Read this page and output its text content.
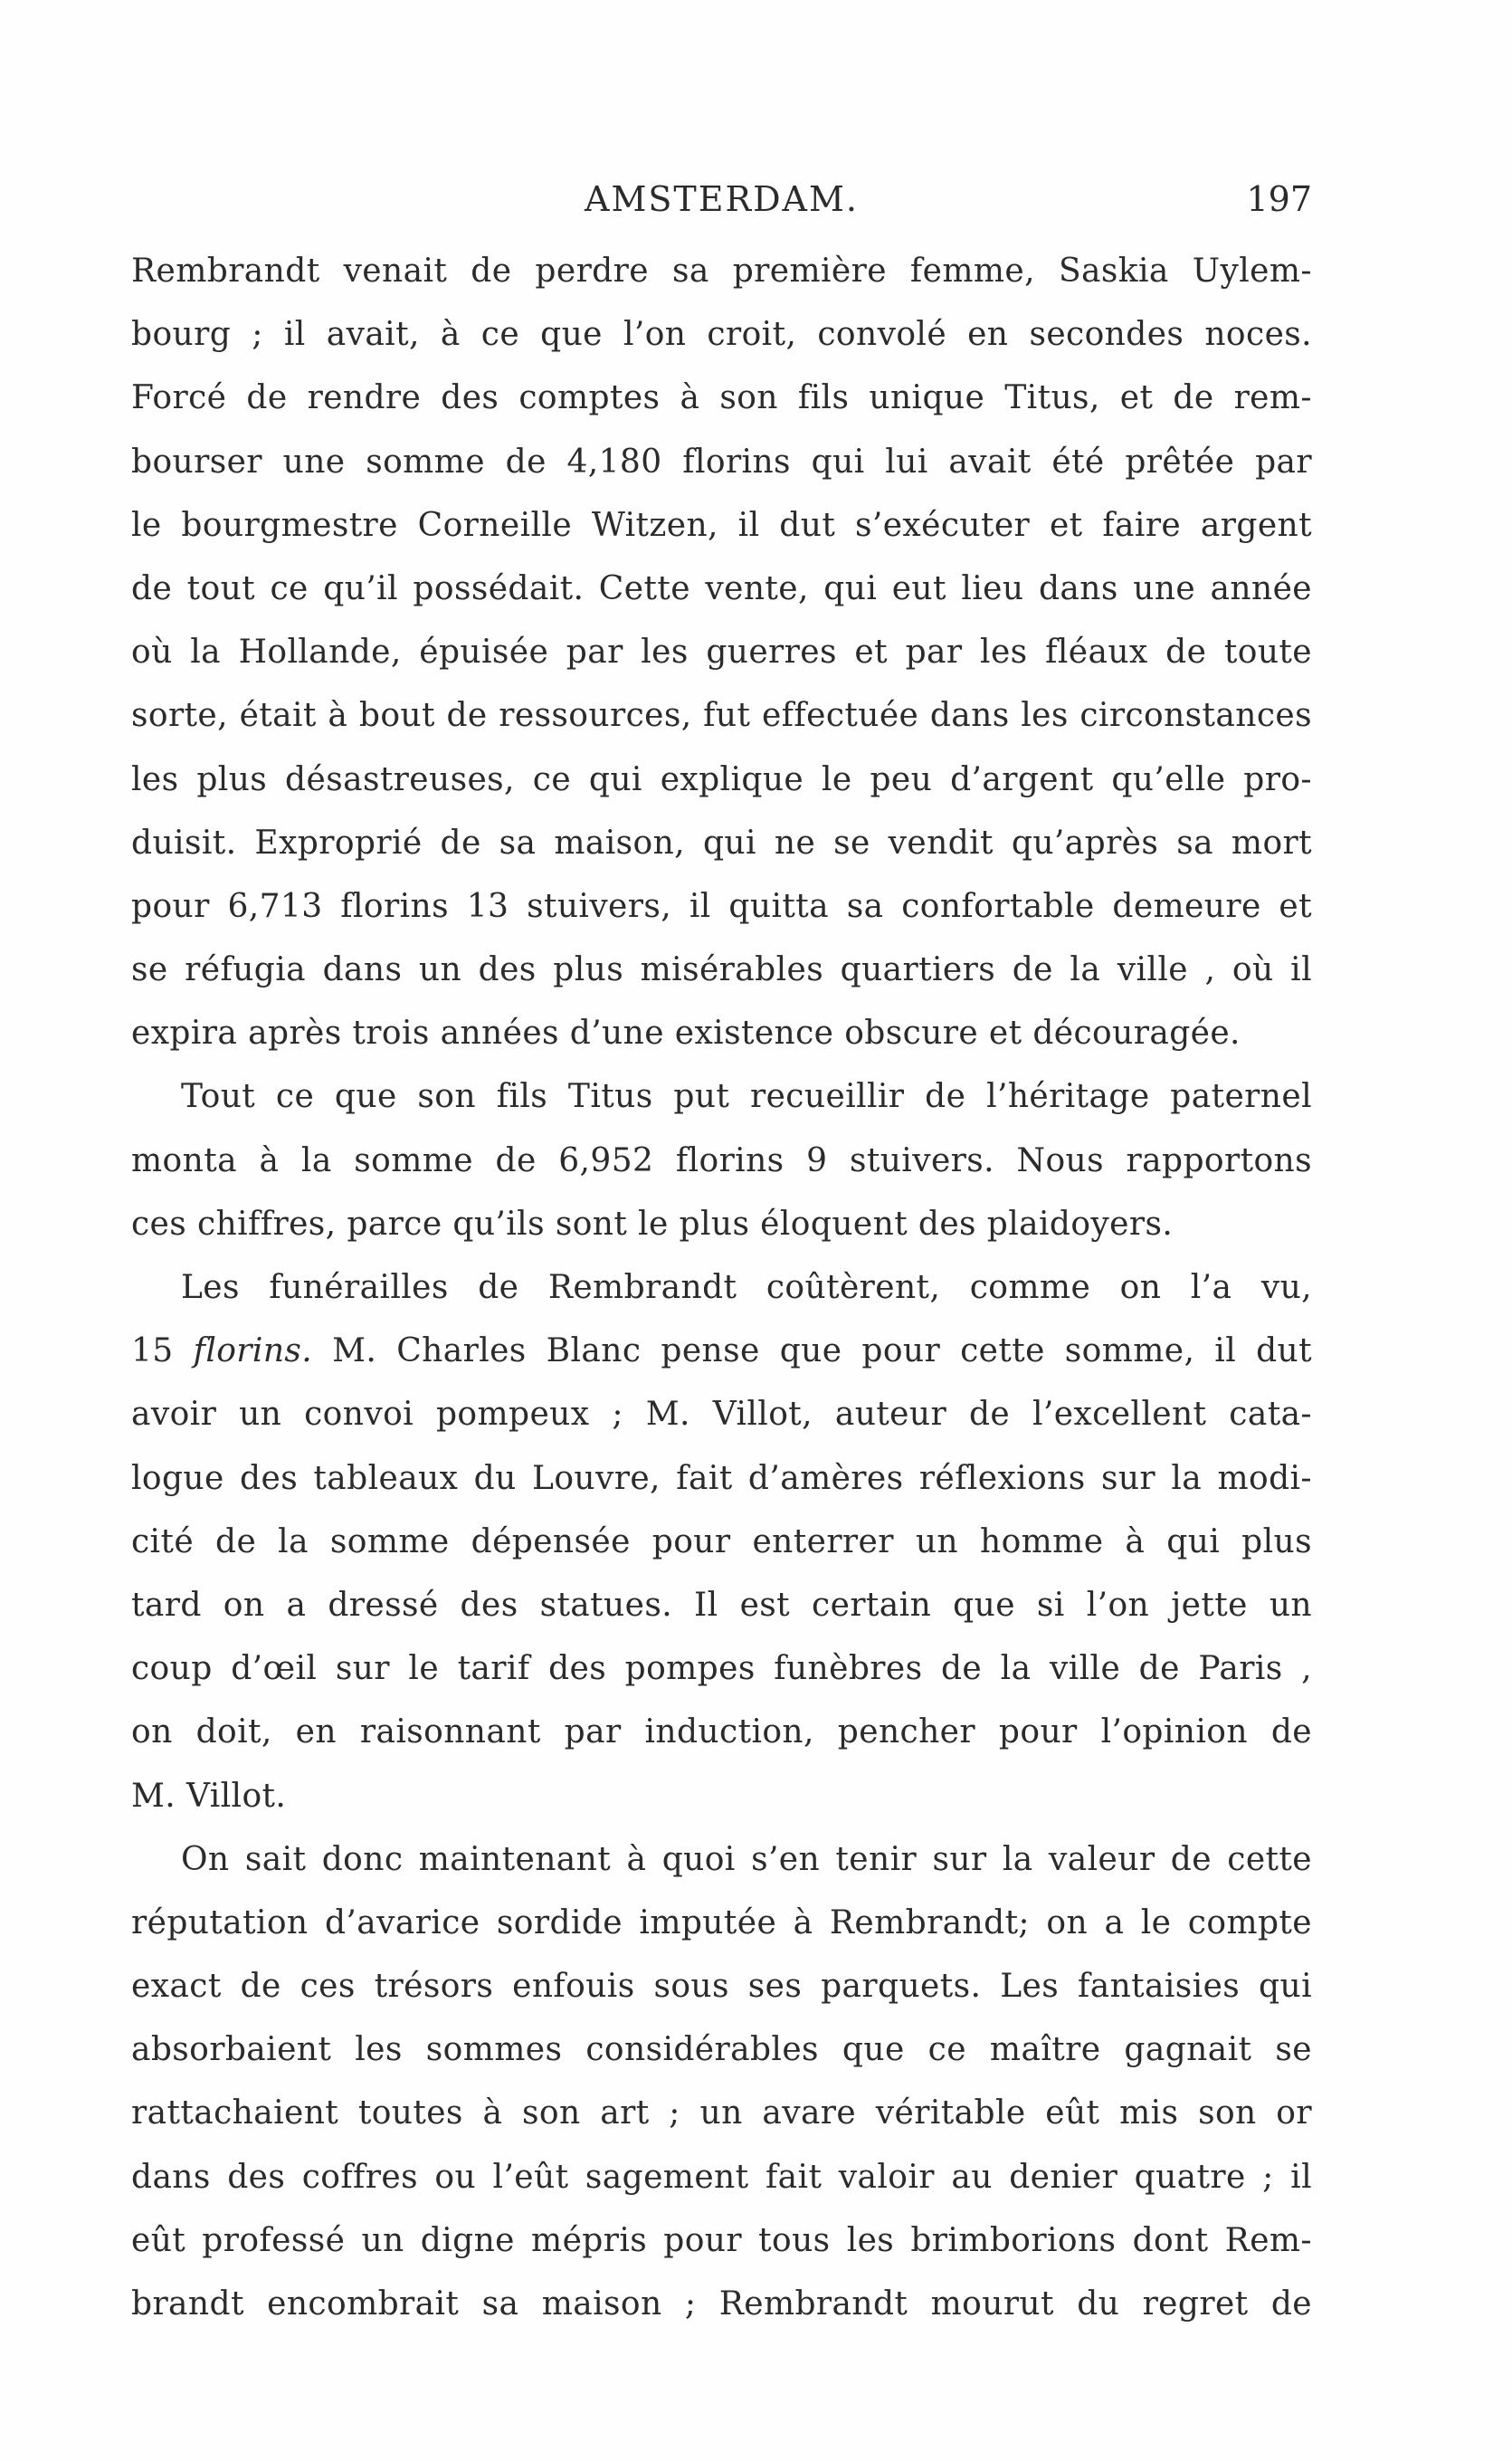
AMSTERDAM.	197
Rembrandt venait de perdre sa première femme, Saskia Uylem-
bourg ; il avait, à ce que l’on croit, convolé en secondes noces.
Forcé de rendre des comptes à son fils unique Titus, et de rem-
bourser une somme de 4,180 florins qui lui avait été prêtée par
le bourgmestre Corneille Witzen, il dut s’exécuter et faire argent
de tout ce qu’il possédait. Cette vente, qui eut lieu dans une année
où la Hollande, épuisée par les guerres et par les fléaux de toute
sorte, était à bout de ressources, fut effectuée dans les circonstances
les plus désastreuses, ce qui explique le peu d’argent qu’elle pro-
duisit. Exproprié de sa maison, qui ne se vendit qu’après sa mort
pour 6,713 florins 13 stuivers, il quitta sa confortable demeure et
se réfugia dans un des plus misérables quartiers de la ville , où il
expira après trois années d’une existence obscure et découragée.
Tout ce que son fils Titus put recueillir de l’héritage paternel
monta à la somme de 6,952 florins 9 stuivers. Nous rapportons
ces chiffres, parce qu’ils sont le plus éloquent des plaidoyers.
Les funérailles de Rembrandt coûtèrent, comme on l’a vu,
15 florins. M. Charles Blanc pense que pour cette somme, il dut
avoir un convoi pompeux ; M. Villot, auteur de l’excellent cata-
logue des tableaux du Louvre, fait d’amères réflexions sur la modi-
cité de la somme dépensée pour enterrer un homme à qui plus
tard on a dressé des statues. Il est certain que si l’on jette un
coup d’œil sur le tarif des pompes funèbres de la ville de Paris ,
on doit, en raisonnant par induction, pencher pour l’opinion de
M. Villot.
On sait donc maintenant à quoi s’en tenir sur la valeur de cette
réputation d’avarice sordide imputée à Rembrandt; on a le compte
exact de ces trésors enfouis sous ses parquets. Les fantaisies qui
absorbaient les sommes considérables que ce maître gagnait se
rattachaient toutes à son art ; un avare véritable eût mis son or
dans des coffres ou l’eût sagement fait valoir au denier quatre ; il
eût professé un digne mépris pour tous les brimborions dont Rem-
brandt encombrait sa maison ; Rembrandt mourut du regret de
